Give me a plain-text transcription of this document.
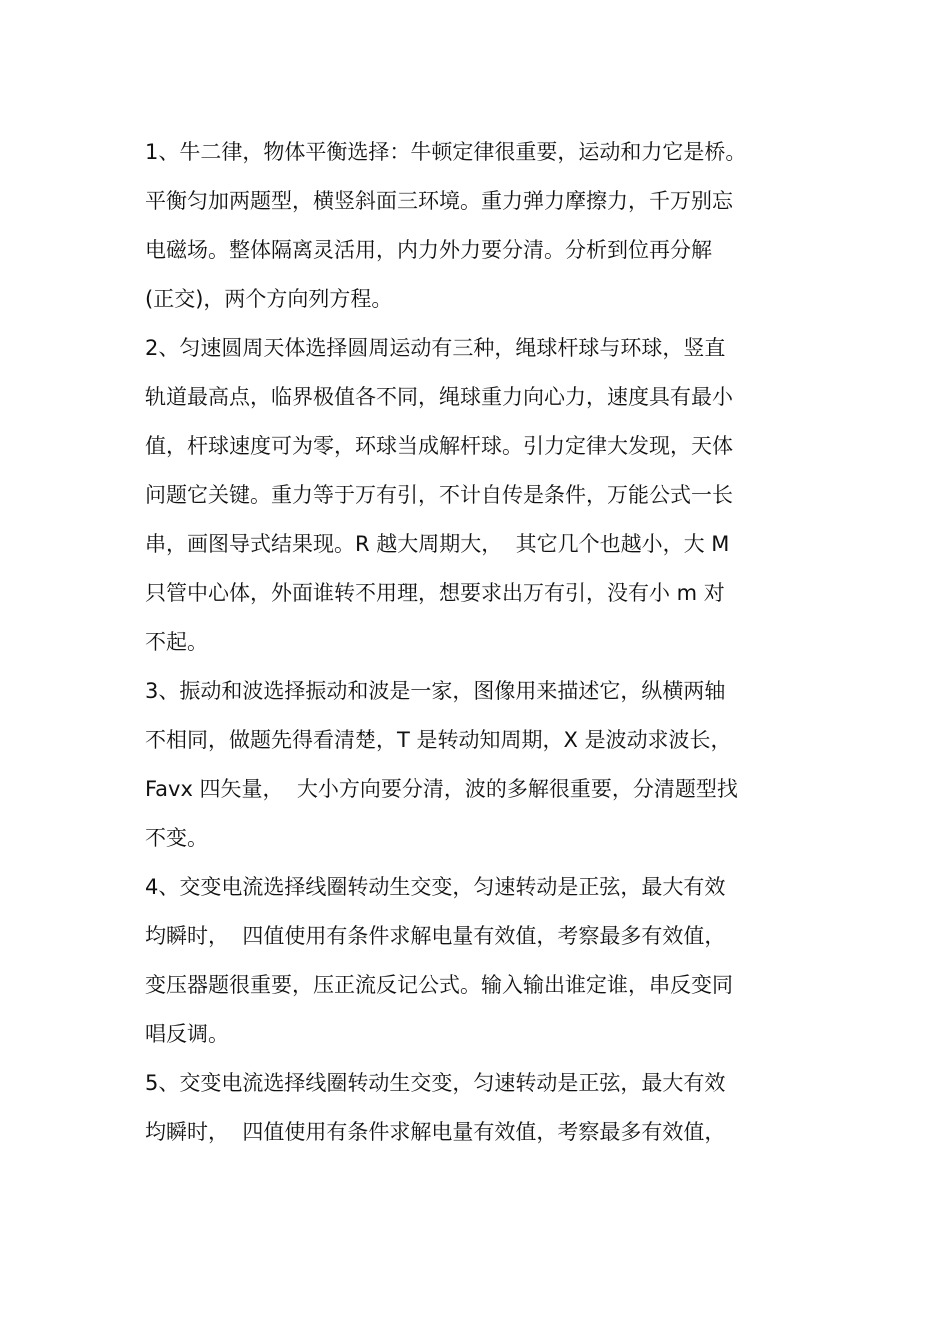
1、牛二律，物体平衡选择：牛顿定律很重要，运动和力它是桥。
平衡匀加两题型，横竖斜面三环境。重力弹力摩擦力，千万别忘
电磁场。整体隔离灵活用，内力外力要分清。分析到位再分解
(正交)，两个方向列方程。
2、匀速圆周天体选择圆周运动有三种，绳球杆球与环球，竖直
轨道最高点，临界极值各不同，绳球重力向心力，速度具有最小
值，杆球速度可为零，环球当成解杆球。引力定律大发现，天体
问题它关键。重力等于万有引，不计自传是条件，万能公式一长
串，画图导式结果现。R 越大周期大，  其它几个也越小，大 M
只管中心体，外面谁转不用理，想要求出万有引，没有小 m 对
不起。
3、振动和波选择振动和波是一家，图像用来描述它，纵横两轴
不相同，做题先得看清楚，T 是转动知周期，X 是波动求波长，
Favx 四矢量，  大小方向要分清，波的多解很重要，分清题型找
不变。
4、交变电流选择线圈转动生交变，匀速转动是正弦，最大有效
均瞬时，  四值使用有条件求解电量有效值，考察最多有效值，
变压器题很重要，压正流反记公式。输入输出谁定谁，串反变同
唱反调。
5、交变电流选择线圈转动生交变，匀速转动是正弦，最大有效
均瞬时，  四值使用有条件求解电量有效值，考察最多有效值，
